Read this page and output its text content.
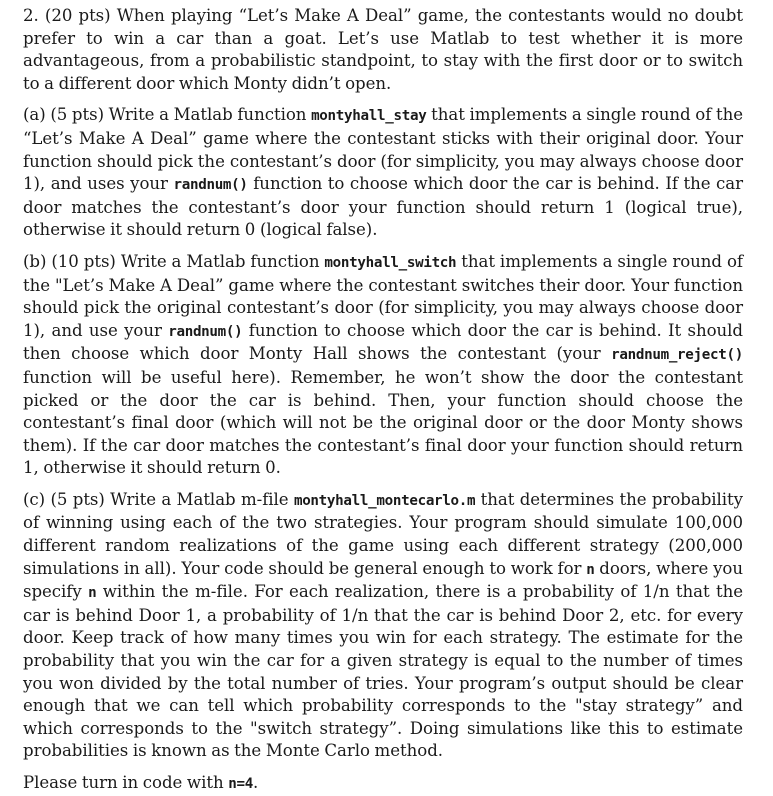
2. (20 pts) When playing “Let’s Make A Deal” game, the contestants would no doubt prefer to win a car than a goat. Let’s use Matlab to test whether it is more advantageous, from a probabilistic standpoint, to stay with the first door or to switch to a different door which Monty didn’t open.

(a) (5 pts) Write a Matlab function montyhall_stay that implements a single round of the “Let’s Make A Deal” game where the contestant sticks with their original door. Your function should pick the contestant’s door (for simplicity, you may always choose door 1), and uses your randnum() function to choose which door the car is behind. If the car door matches the contestant’s door your function should return 1 (logical true), otherwise it should return 0 (logical false).

(b) (10 pts) Write a Matlab function montyhall_switch that implements a single round of the "Let’s Make A Deal” game where the contestant switches their door. Your function should pick the original contestant’s door (for simplicity, you may always choose door 1), and use your randnum() function to choose which door the car is behind. It should then choose which door Monty Hall shows the contestant (your randnum_reject() function will be useful here). Remember, he won’t show the door the contestant picked or the door the car is behind. Then, your function should choose the contestant’s final door (which will not be the original door or the door Monty shows them). If the car door matches the contestant’s final door your function should return 1, otherwise it should return 0.

(c) (5 pts) Write a Matlab m-file montyhall_montecarlo.m that determines the probability of winning using each of the two strategies. Your program should simulate 100,000 different random realizations of the game using each different strategy (200,000 simulations in all). Your code should be general enough to work for n doors, where you specify n within the m-file. For each realization, there is a probability of 1/n that the car is behind Door 1, a probability of 1/n that the car is behind Door 2, etc. for every door. Keep track of how many times you win for each strategy. The estimate for the probability that you win the car for a given strategy is equal to the number of times you won divided by the total number of tries. Your program’s output should be clear enough that we can tell which probability corresponds to the "stay strategy” and which corresponds to the "switch strategy”. Doing simulations like this to estimate probabilities is known as the Monte Carlo method.

Please turn in code with n=4.
